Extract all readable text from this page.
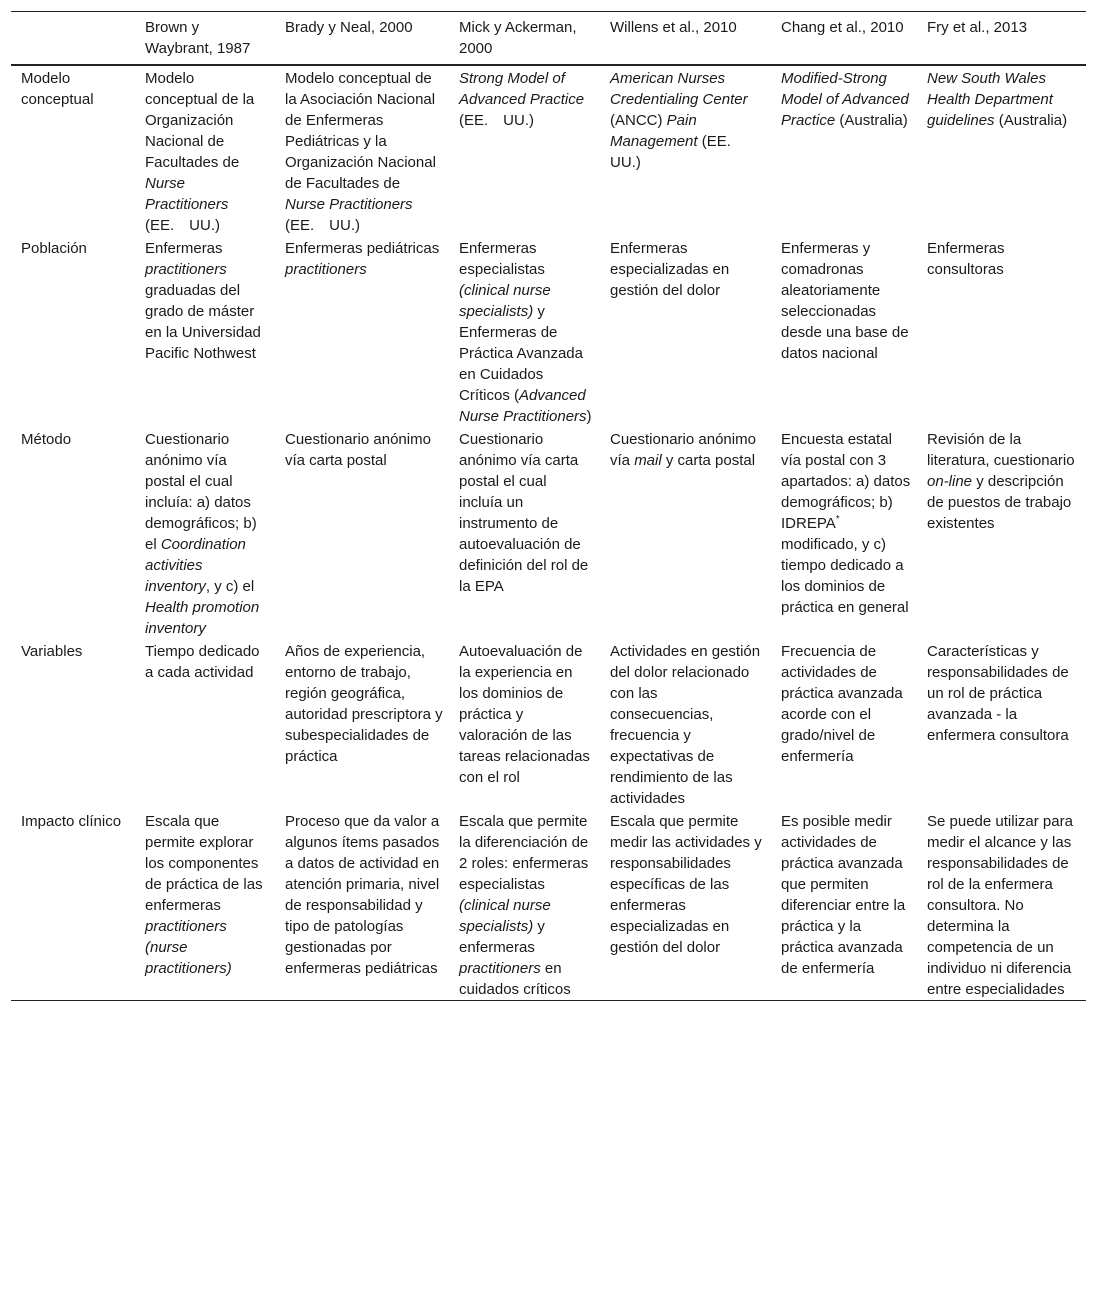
	Brown y Waybrant, 1987	Brady y Neal, 2000	Mick y Ackerman, 2000	Willens et al., 2010	Chang et al., 2010	Fry et al., 2013
Modelo conceptual	Modelo conceptual de la Organización Nacional de Facultades de Nurse Practitioners (EE. UU.)	Modelo conceptual de la Asociación Nacional de Enfermeras Pediátricas y la Organización Nacional de Facultades de Nurse Practitioners (EE. UU.)	Strong Model of Advanced Practice (EE. UU.)	American Nurses Credentialing Center (ANCC) Pain Management (EE. UU.)	Modified-Strong Model of Advanced Practice (Australia)	New South Wales Health Department guidelines (Australia)
Población	Enfermeras practitioners graduadas del grado de máster en la Universidad Pacific Nothwest	Enfermeras pediátricas practitioners	Enfermeras especialistas (clinical nurse specialists) y Enfermeras de Práctica Avanzada en Cuidados Críticos (Advanced Nurse Practitioners)	Enfermeras especializadas en gestión del dolor	Enfermeras y comadronas aleatoriamente seleccionadas desde una base de datos nacional	Enfermeras consultoras
Método	Cuestionario anónimo vía postal el cual incluía: a) datos demográficos; b) el Coordination activities inventory, y c) el Health promotion inventory	Cuestionario anónimo vía carta postal	Cuestionario anónimo vía carta postal el cual incluía un instrumento de autoevaluación de definición del rol de la EPA	Cuestionario anónimo vía mail y carta postal	Encuesta estatal vía postal con 3 apartados: a) datos demográficos; b) IDREPA* modificado, y c) tiempo dedicado a los dominios de práctica en general	Revisión de la literatura, cuestionario on-line y descripción de puestos de trabajo existentes
Variables	Tiempo dedicado a cada actividad	Años de experiencia, entorno de trabajo, región geográfica, autoridad prescriptora y subespecialidades de práctica	Autoevaluación de la experiencia en los dominios de práctica y valoración de las tareas relacionadas con el rol	Actividades en gestión del dolor relacionado con las consecuencias, frecuencia y expectativas de rendimiento de las actividades	Frecuencia de actividades de práctica avanzada acorde con el grado/nivel de enfermería	Características y responsabilidades de un rol de práctica avanzada - la enfermera consultora
Impacto clínico	Escala que permite explorar los componentes de práctica de las enfermeras practitioners (nurse practitioners)	Proceso que da valor a algunos ítems pasados a datos de actividad en atención primaria, nivel de responsabilidad y tipo de patologías gestionadas por enfermeras pediátricas	Escala que permite la diferenciación de 2 roles: enfermeras especialistas (clinical nurse specialists) y enfermeras practitioners en cuidados críticos	Escala que permite medir las actividades y responsabilidades específicas de las enfermeras especializadas en gestión del dolor	Es posible medir actividades de práctica avanzada que permiten diferenciar entre la práctica y la práctica avanzada de enfermería	Se puede utilizar para medir el alcance y las responsabilidades de rol de la enfermera consultora. No determina la competencia de un individuo ni diferencia entre especialidades
